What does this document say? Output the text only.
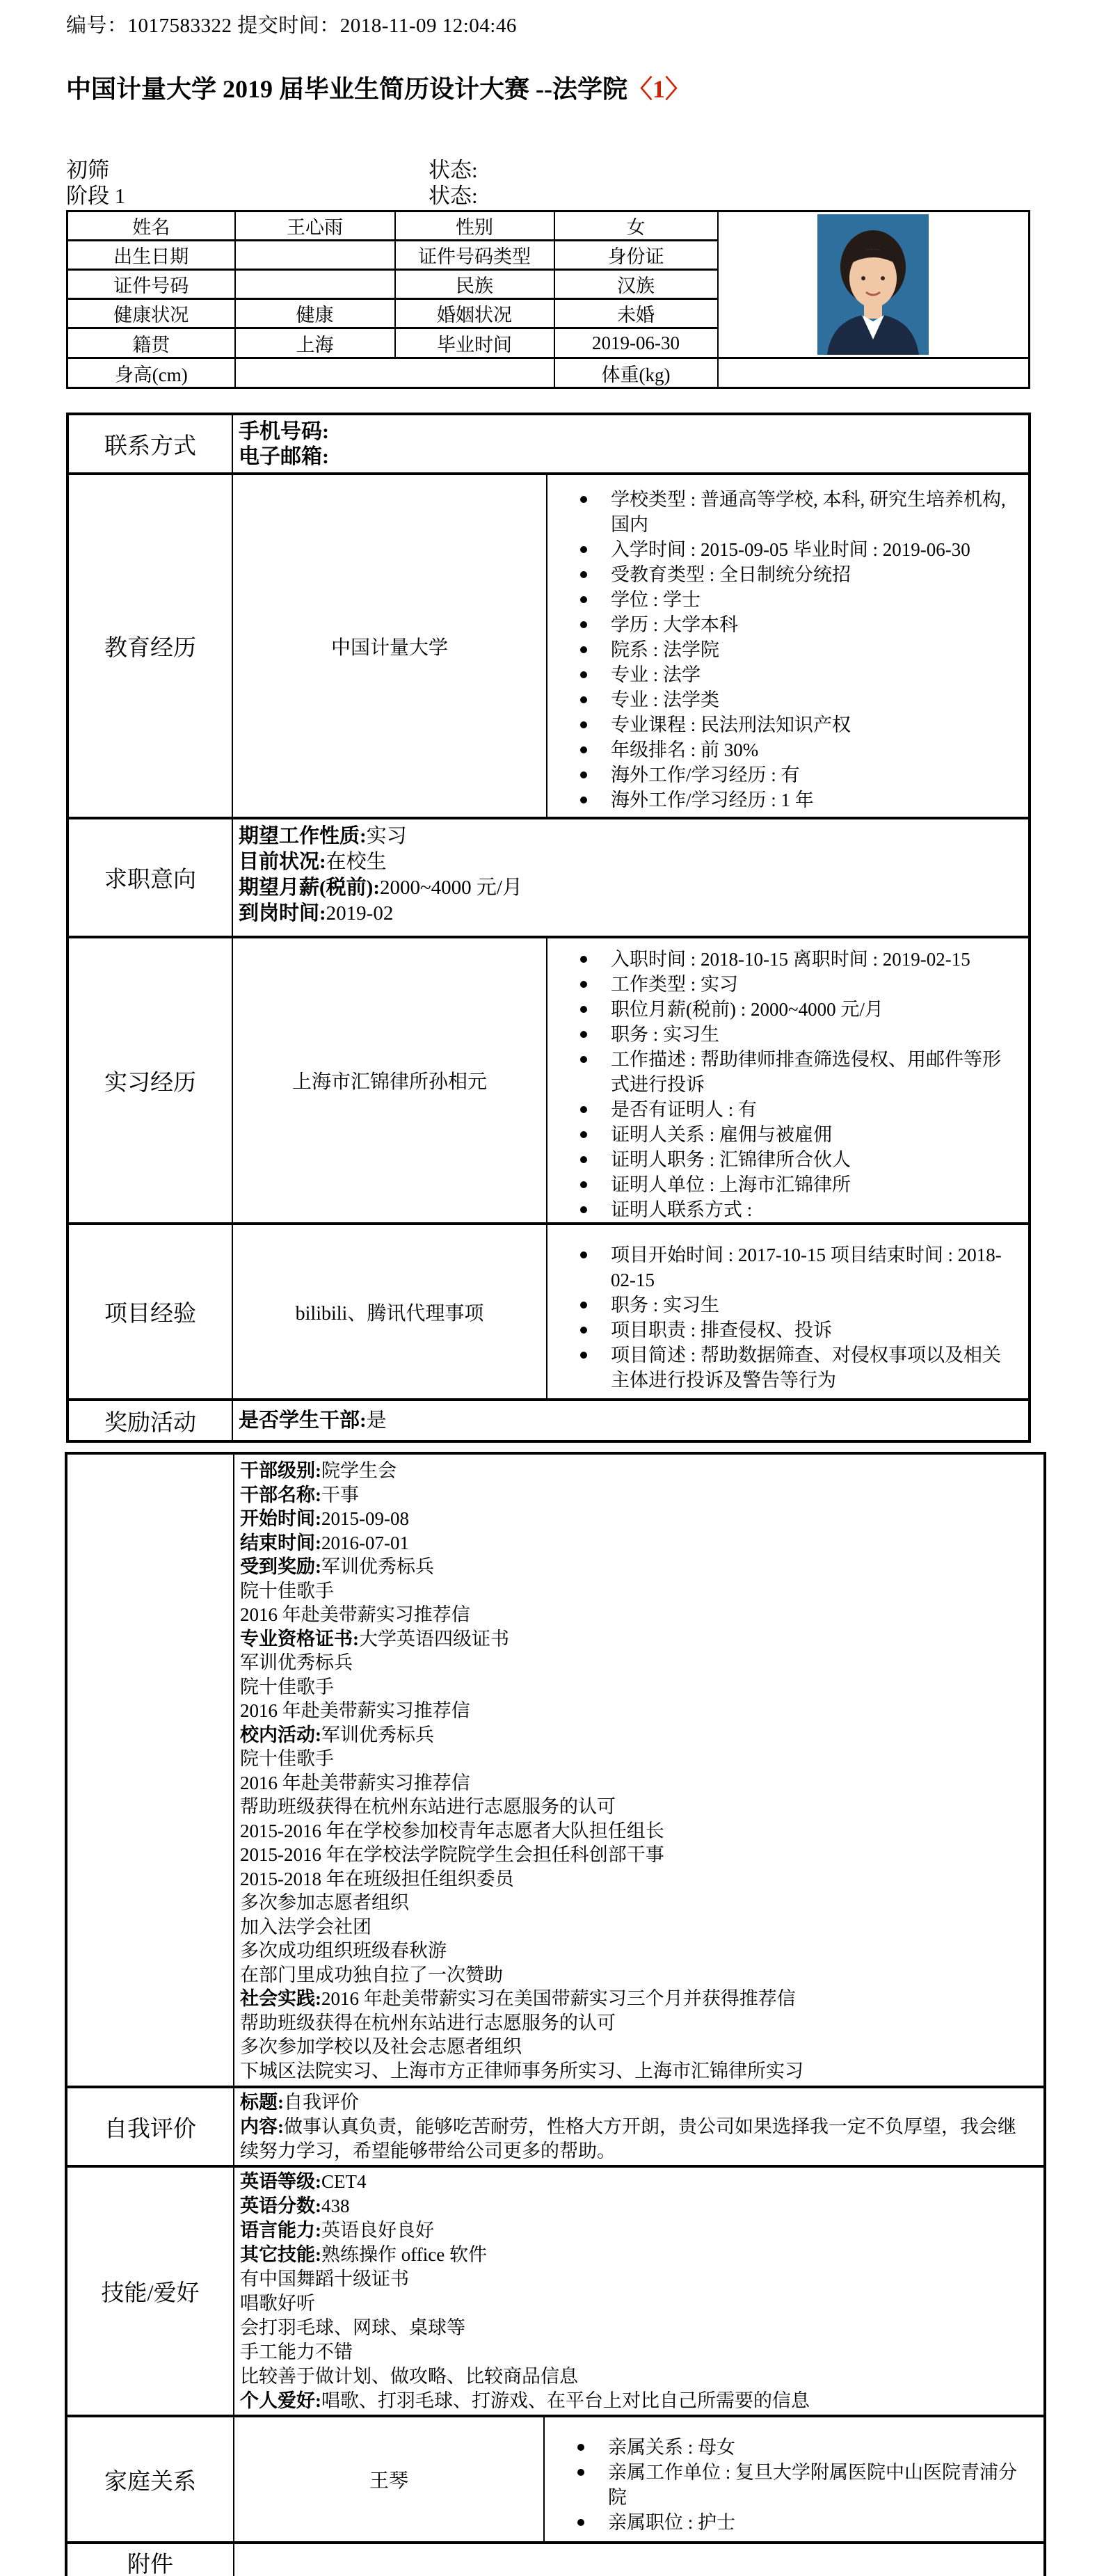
编号：1017583322 提交时间：2018-11-09 12:04:46
中国计量大学 2019 届毕业生简历设计大赛 --法学院〈1〉
初筛	状态:
阶段 1	状态:
姓名	王心雨	性别	女	

出生日期		证件号码类型	身份证	
证件号码		民族	汉族	
健康状况	健康	婚姻状况	未婚	
籍贯	上海	毕业时间	2019-06-30	
身高(cm)			体重(kg)	
联系方式	手机号码:
电子邮箱:	

教育经历	中国计量大学	
学校类型 : 普通高等学校, 本科, 研究生培养机构, 国内
入学时间 : 2015-09-05 毕业时间 : 2019-06-30
受教育类型 : 全日制统分统招
学位 : 学士
学历 : 大学本科
院系 : 法学院
专业 : 法学
专业 : 法学类
专业课程 : 民法刑法知识产权
年级排名 : 前 30%
海外工作/学习经历 : 有
海外工作/学习经历 : 1 年

求职意向	期望工作性质:实习
目前状况:在校生
期望月薪(税前):2000~4000 元/月
到岗时间:2019-02	

实习经历	上海市汇锦律所孙相元	
入职时间 : 2018-10-15 离职时间 : 2019-02-15
工作类型 : 实习
职位月薪(税前) : 2000~4000 元/月
职务 : 实习生
工作描述 : 帮助律师排查筛选侵权、用邮件等形式进行投诉
是否有证明人 : 有
证明人关系 : 雇佣与被雇佣
证明人职务 : 汇锦律所合伙人
证明人单位 : 上海市汇锦律所
证明人联系方式 :

项目经验	bilibili、腾讯代理事项	
项目开始时间 : 2017-10-15 项目结束时间 : 2018-02-15
职务 : 实习生
项目职责 : 排查侵权、投诉
项目简述 : 帮助数据筛查、对侵权事项以及相关主体进行投诉及警告等行为

奖励活动	是否学生干部:是	

干部级别:院学生会
干部名称:干事
开始时间:2015-09-08
结束时间:2016-07-01
受到奖励:军训优秀标兵
院十佳歌手
2016 年赴美带薪实习推荐信
专业资格证书:大学英语四级证书
军训优秀标兵
院十佳歌手
2016 年赴美带薪实习推荐信
校内活动:军训优秀标兵
院十佳歌手
2016 年赴美带薪实习推荐信
帮助班级获得在杭州东站进行志愿服务的认可
2015-2016 年在学校参加校青年志愿者大队担任组长
2015-2016 年在学校法学院院学生会担任科创部干事
2015-2018 年在班级担任组织委员
多次参加志愿者组织
加入法学会社团
多次成功组织班级春秋游
在部门里成功独自拉了一次赞助
社会实践:2016 年赴美带薪实习在美国带薪实习三个月并获得推荐信
帮助班级获得在杭州东站进行志愿服务的认可
多次参加学校以及社会志愿者组织
下城区法院实习、上海市方正律师事务所实习、上海市汇锦律所实习

自我评价	标题:自我评价
内容:做事认真负责，能够吃苦耐劳，性格大方开朗，贵公司如果选择我一定不负厚望，我会继续努力学习，希望能够带给公司更多的帮助。	

技能/爱好	
英语等级:CET4
英语分数:438
语言能力:英语良好良好
其它技能:熟练操作 office 软件
有中国舞蹈十级证书
唱歌好听
会打羽毛球、网球、桌球等
手工能力不错
比较善于做计划、做攻略、比较商品信息
个人爱好:唱歌、打羽毛球、打游戏、在平台上对比自己所需要的信息

家庭关系	王琴	
亲属关系 : 母女
亲属工作单位 : 复旦大学附属医院中山医院青浦分院
亲属职位 : 护士

附件		
